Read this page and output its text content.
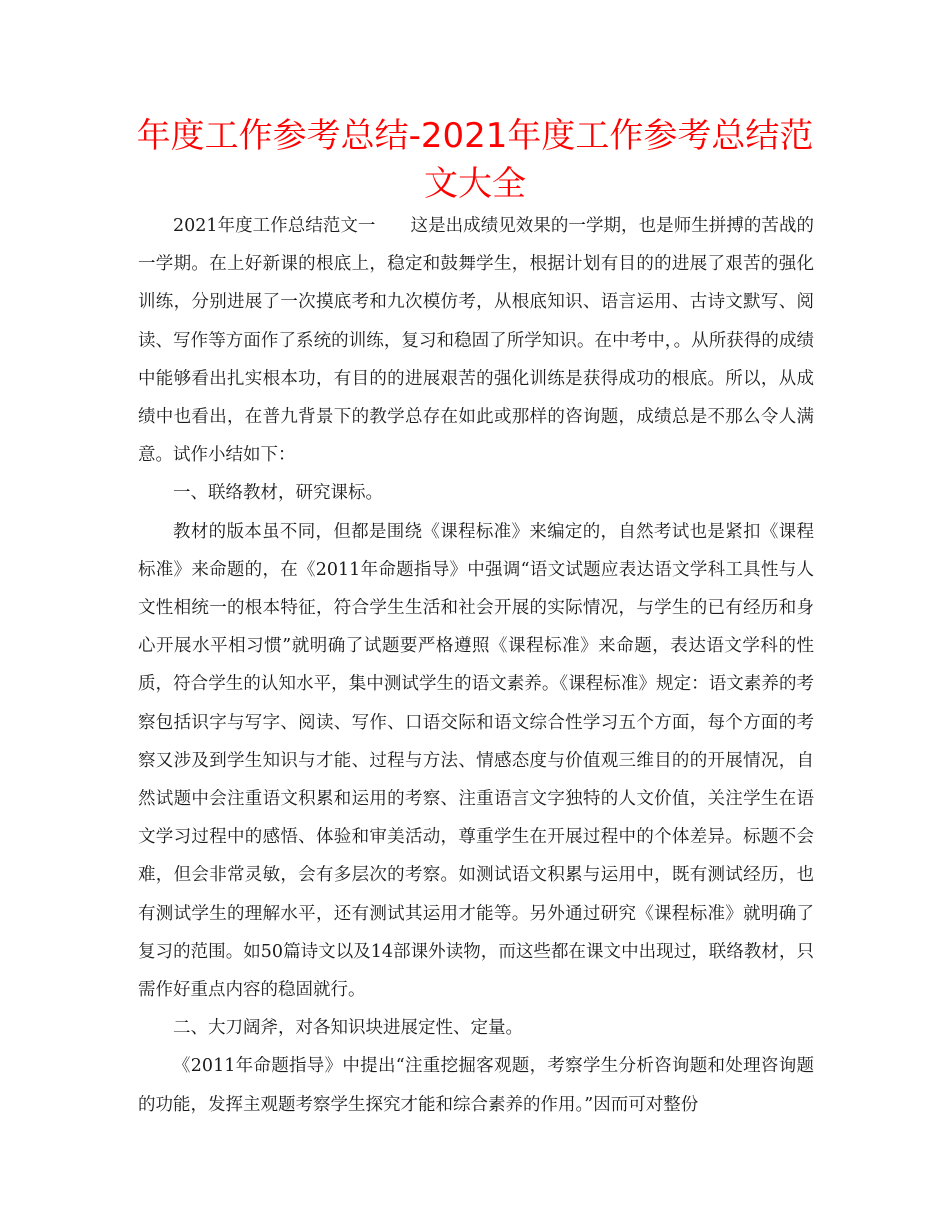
年度工作参考总结-2021年度工作参考总结范文大全

2021年度工作总结范文一　　这是出成绩见效果的一学期，也是师生拼搏的苦战的一学期。在上好新课的根底上，稳定和鼓舞学生，根据计划有目的的进展了艰苦的强化训练，分别进展了一次摸底考和九次模仿考，从根底知识、语言运用、古诗文默写、阅读、写作等方面作了系统的训练，复习和稳固了所学知识。在中考中，。从所获得的成绩中能够看出扎实根本功，有目的的进展艰苦的强化训练是获得成功的根底。所以，从成绩中也看出，在普九背景下的教学总存在如此或那样的咨询题，成绩总是不那么令人满意。试作小结如下：

一、联络教材，研究课标。

教材的版本虽不同，但都是围绕《课程标准》来编定的，自然考试也是紧扣《课程标准》来命题的，在《2011年命题指导》中强调“语文试题应表达语文学科工具性与人文性相统一的根本特征，符合学生生活和社会开展的实际情况，与学生的已有经历和身心开展水平相习惯”就明确了试题要严格遵照《课程标准》来命题，表达语文学科的性质，符合学生的认知水平，集中测试学生的语文素养。《课程标准》规定：语文素养的考察包括识字与写字、阅读、写作、口语交际和语文综合性学习五个方面，每个方面的考察又涉及到学生知识与才能、过程与方法、情感态度与价值观三维目的的开展情况，自然试题中会注重语文积累和运用的考察、注重语言文字独特的人文价值，关注学生在语文学习过程中的感悟、体验和审美活动，尊重学生在开展过程中的个体差异。标题不会难，但会非常灵敏，会有多层次的考察。如测试语文积累与运用中，既有测试经历，也有测试学生的理解水平，还有测试其运用才能等。另外通过研究《课程标准》就明确了复习的范围。如50篇诗文以及14部课外读物，而这些都在课文中出现过，联络教材，只需作好重点内容的稳固就行。

二、大刀阔斧，对各知识块进展定性、定量。

《2011年命题指导》中提出“注重挖掘客观题，考察学生分析咨询题和处理咨询题的功能，发挥主观题考察学生探究才能和综合素养的作用。”因而可对整份
